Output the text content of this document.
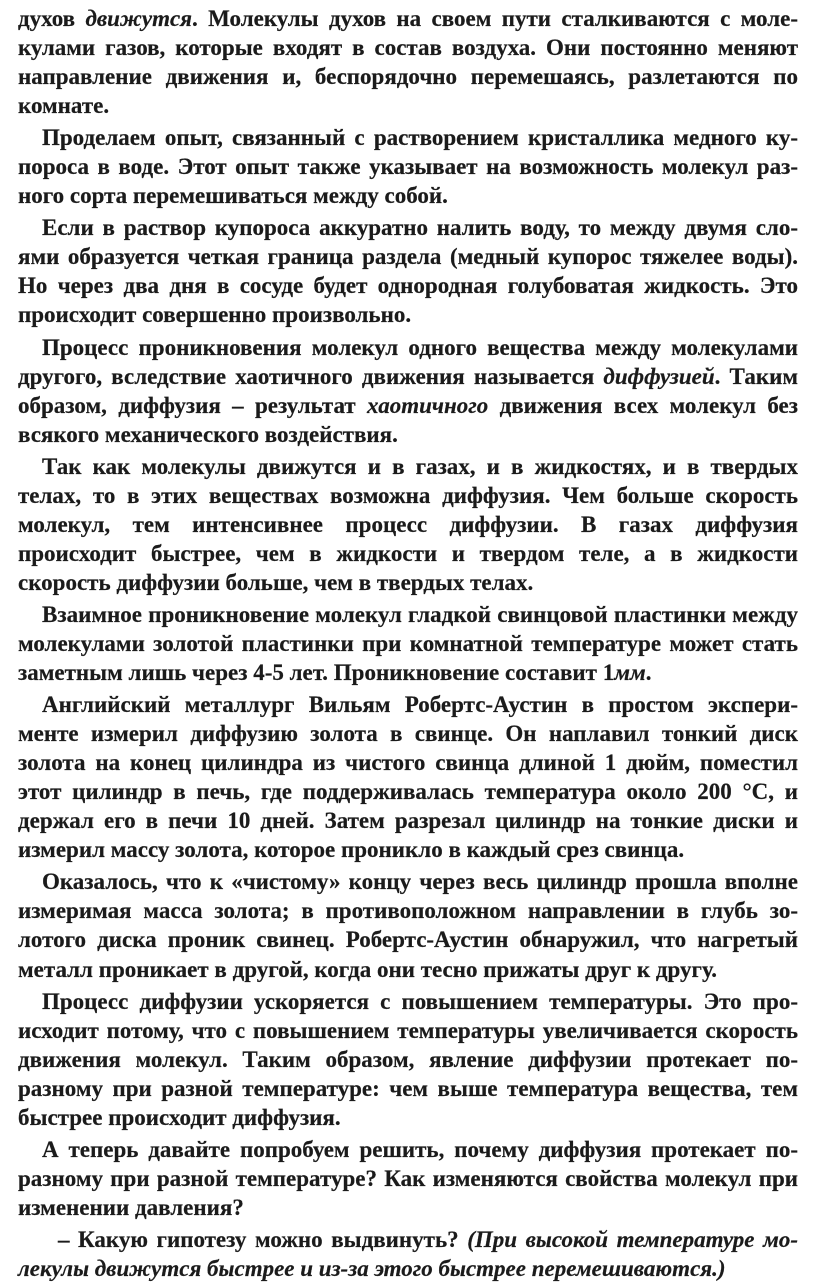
духов движутся. Молекулы духов на своем пути сталкиваются с молекулами газов, которые входят в состав воздуха. Они постоянно меняют направление движения и, беспорядочно перемешаясь, разлетаются по комнате.

Проделаем опыт, связанный с растворением кристаллика медного купороса в воде. Этот опыт также указывает на возможность молекул разного сорта перемешиваться между собой.

Если в раствор купороса аккуратно налить воду, то между двумя слоями образуется четкая граница раздела (медный купорос тяжелее воды). Но через два дня в сосуде будет однородная голубоватая жидкость. Это происходит совершенно произвольно.

Процесс проникновения молекул одного вещества между молекулами другого, вследствие хаотичного движения называется диффузией. Таким образом, диффузия – результат хаотичного движения всех молекул без всякого механического воздействия.

Так как молекулы движутся и в газах, и в жидкостях, и в твердых телах, то в этих веществах возможна диффузия. Чем больше скорость молекул, тем интенсивнее процесс диффузии. В газах диффузия происходит быстрее, чем в жидкости и твердом теле, а в жидкости скорость диффузии больше, чем в твердых телах.

Взаимное проникновение молекул гладкой свинцовой пластинки между молекулами золотой пластинки при комнатной температуре может стать заметным лишь через 4-5 лет. Проникновение составит 1мм.

Английский металлург Вильям Робертс-Аустин в простом эксперименте измерил диффузию золота в свинце. Он наплавил тонкий диск золота на конец цилиндра из чистого свинца длиной 1 дюйм, поместил этот цилиндр в печь, где поддерживалась температура около 200 °С, и держал его в печи 10 дней. Затем разрезал цилиндр на тонкие диски и измерил массу золота, которое проникло в каждый срез свинца.

Оказалось, что к «чистому» концу через весь цилиндр прошла вполне измеримая масса золота; в противоположном направлении в глубь золотого диска проник свинец. Робертс-Аустин обнаружил, что нагретый металл проникает в другой, когда они тесно прижаты друг к другу.

Процесс диффузии ускоряется с повышением температуры. Это происходит потому, что с повышением температуры увеличивается скорость движения молекул. Таким образом, явление диффузии протекает по-разному при разной температуре: чем выше температура вещества, тем быстрее происходит диффузия.

А теперь давайте попробуем решить, почему диффузия протекает поразному при разной температуре? Как изменяются свойства молекул при изменении давления?

– Какую гипотезу можно выдвинуть? (При высокой температуре молекулы движутся быстрее и из-за этого быстрее перемешиваются.)
